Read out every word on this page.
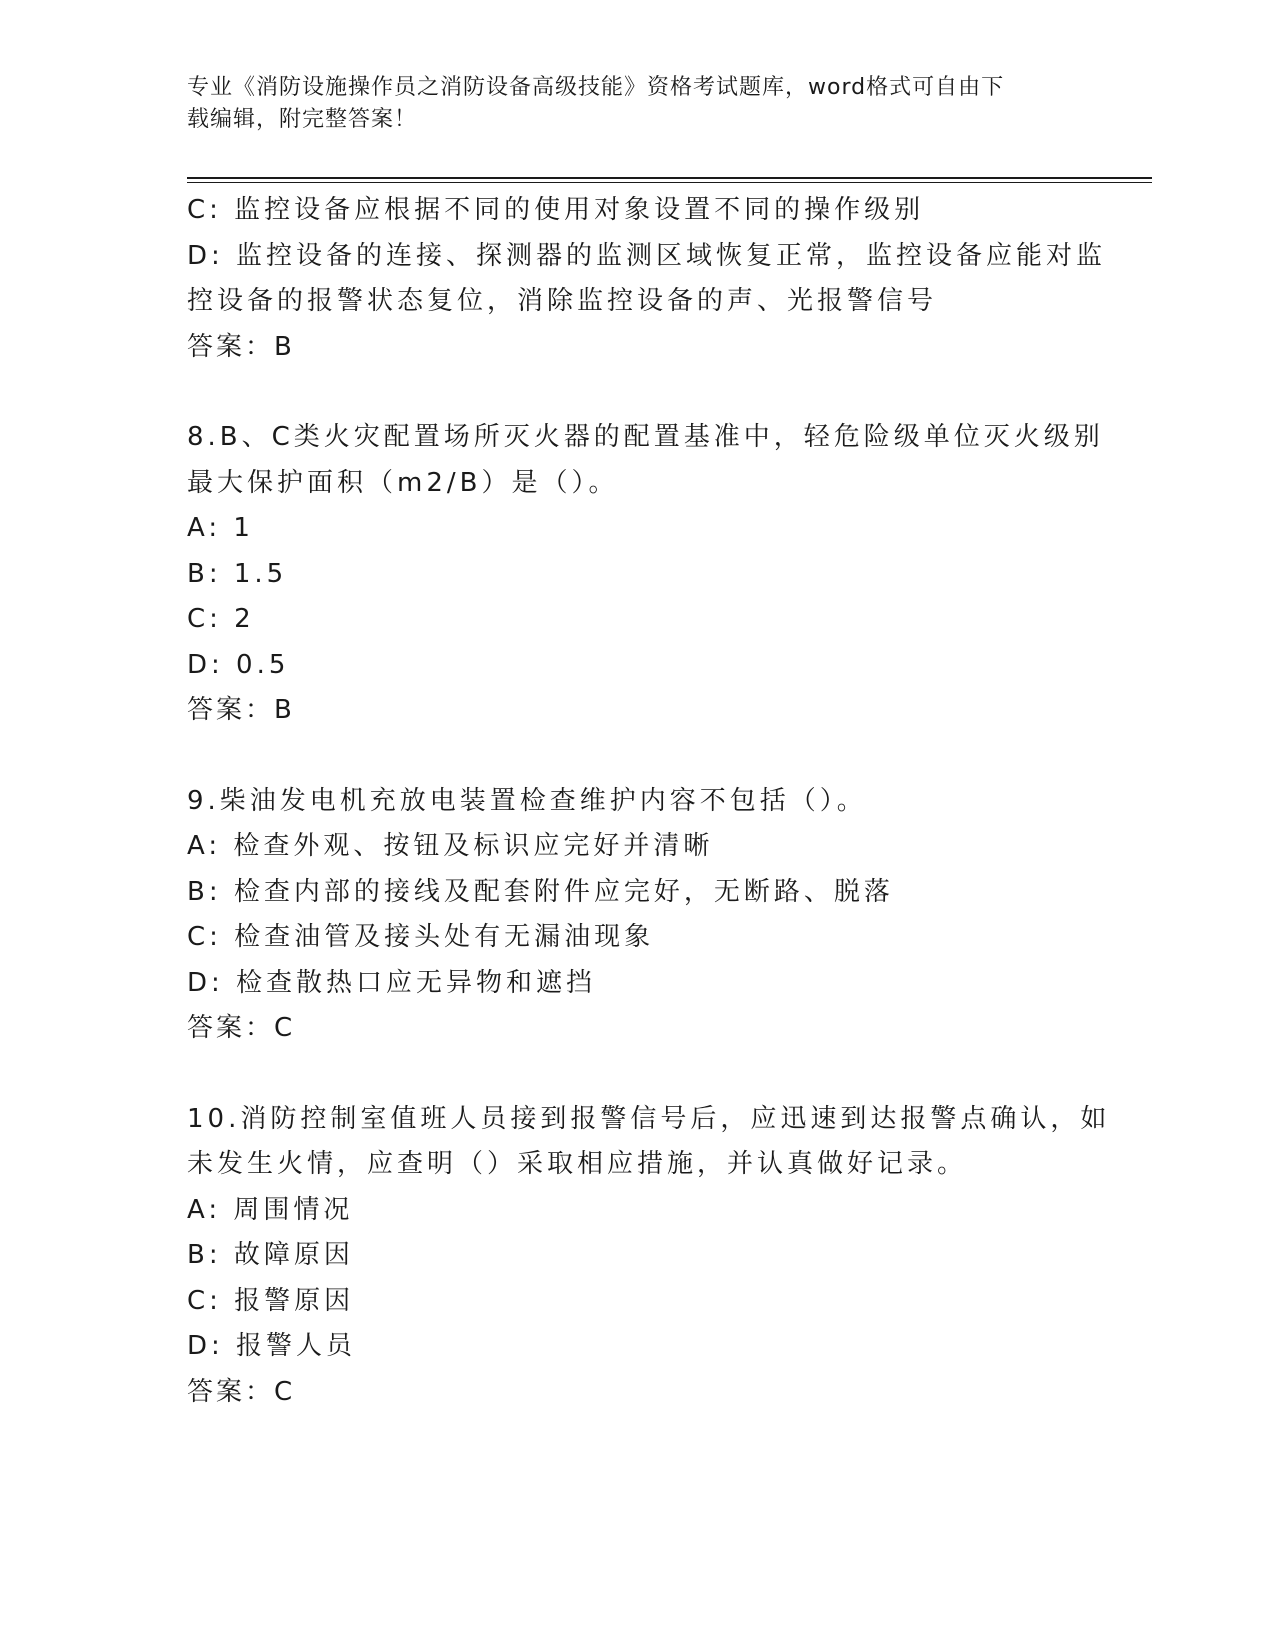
专业《消防设施操作员之消防设备高级技能》资格考试题库，word格式可自由下
载编辑，附完整答案！
C: 监控设备应根据不同的使用对象设置不同的操作级别
D: 监控设备的连接、探测器的监测区域恢复正常，监控设备应能对监
控设备的报警状态复位，消除监控设备的声、光报警信号
答案：B
8.B、C类火灾配置场所灭火器的配置基准中，轻危险级单位灭火级别
最大保护面积（m2/B）是（）。
A: 1
B: 1.5
C: 2
D: 0.5
答案：B
9.柴油发电机充放电装置检查维护内容不包括（）。
A: 检查外观、按钮及标识应完好并清晰
B: 检查内部的接线及配套附件应完好，无断路、脱落
C: 检查油管及接头处有无漏油现象
D: 检查散热口应无异物和遮挡
答案：C
10.消防控制室值班人员接到报警信号后，应迅速到达报警点确认，如
未发生火情，应查明（）采取相应措施，并认真做好记录。
A: 周围情况
B: 故障原因
C: 报警原因
D: 报警人员
答案：C
